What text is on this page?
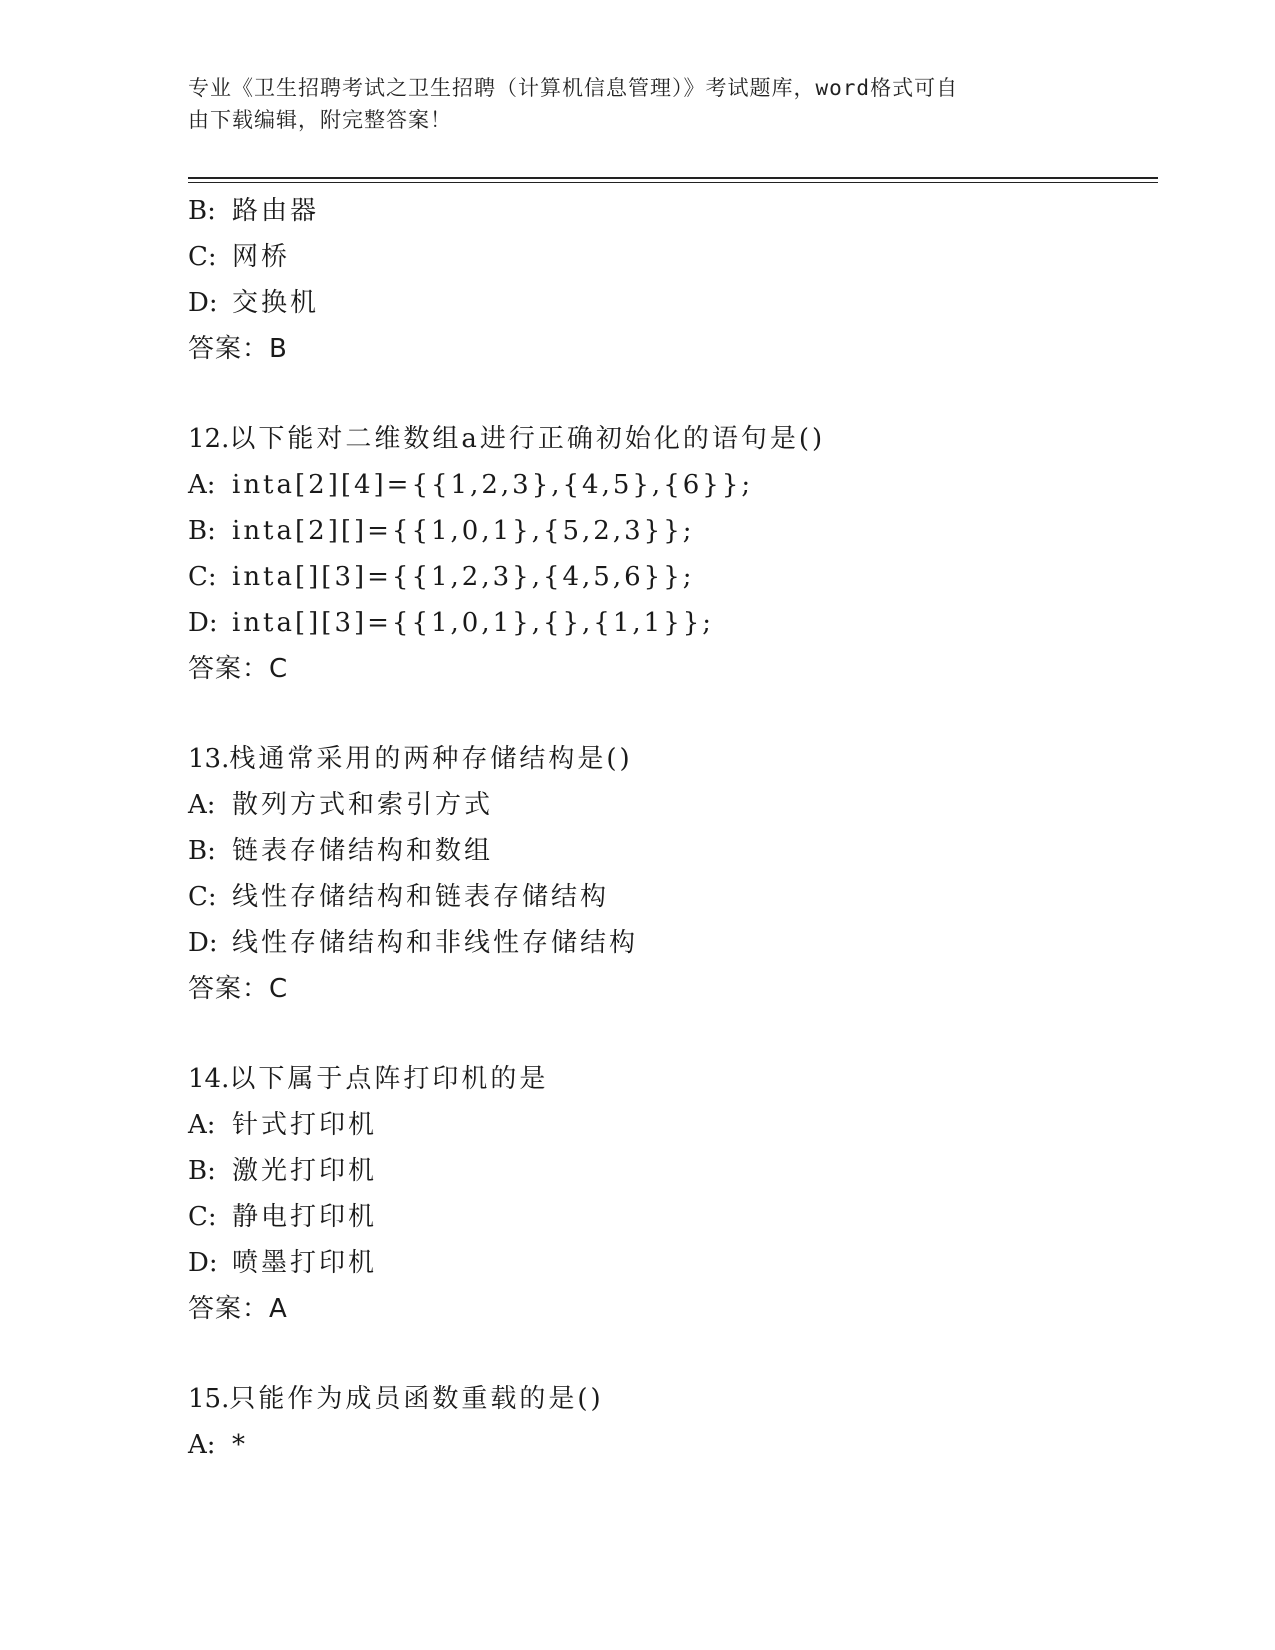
专业《卫生招聘考试之卫生招聘（计算机信息管理）》考试题库，word格式可自
由下载编辑，附完整答案！
B: 路由器
C: 网桥
D: 交换机
答案：B
12. 以下能对二维数组a进行正确初始化的语句是()
A: inta[2][4]={{1,2,3},{4,5},{6}};
B: inta[2][]={{1,0,1},{5,2,3}};
C: inta[][3]={{1,2,3},{4,5,6}};
D: inta[][3]={{1,0,1},{},{1,1}};
答案：C
13. 栈通常采用的两种存储结构是()
A: 散列方式和索引方式
B: 链表存储结构和数组
C: 线性存储结构和链表存储结构
D: 线性存储结构和非线性存储结构
答案：C
14. 以下属于点阵打印机的是
A: 针式打印机
B: 激光打印机
C: 静电打印机
D: 喷墨打印机
答案：A
15. 只能作为成员函数重载的是()
A: *
